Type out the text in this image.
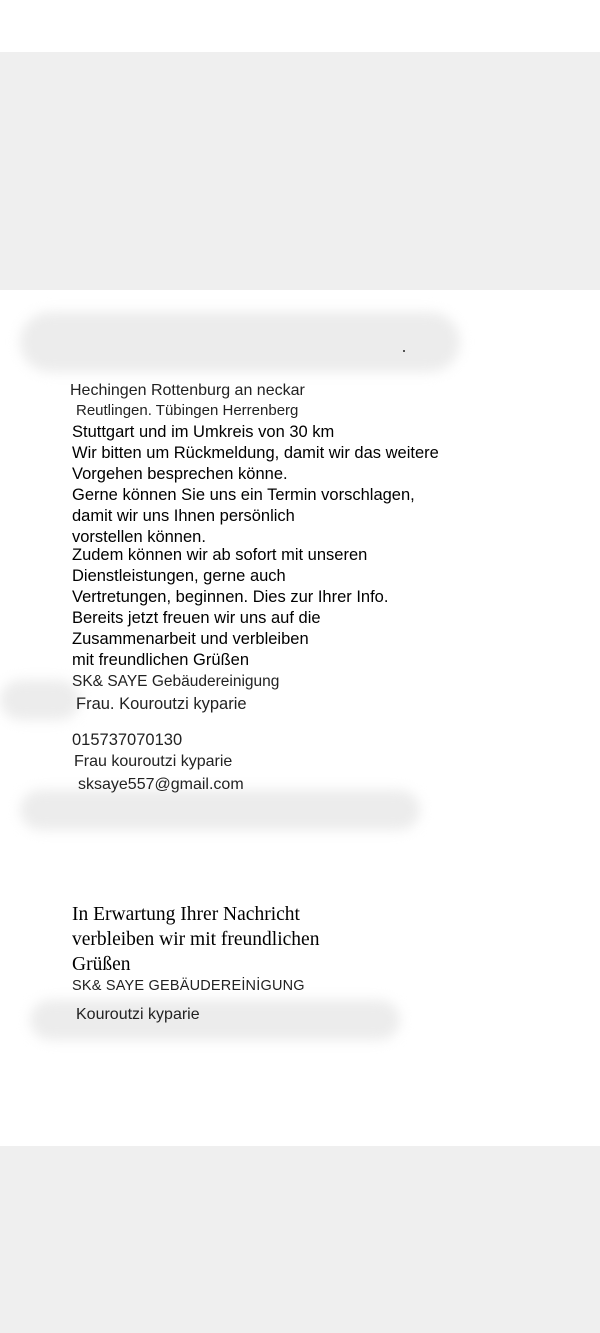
Hechingen Rottenburg an neckar
Reutlingen. Tübingen Herrenberg
Stuttgart und im Umkreis von 30 km
Wir bitten um Rückmeldung, damit wir das weitere
Vorgehen besprechen könne.
Gerne können Sie uns ein Termin vorschlagen,
damit wir uns Ihnen persönlich
vorstellen können.
Zudem können wir ab sofort mit unseren
Dienstleistungen, gerne auch
Vertretungen, beginnen. Dies zur Ihrer Info.
Bereits jetzt freuen wir uns auf die
Zusammenarbeit und verbleiben
mit freundlichen Grüßen
SK& SAYE Gebäudereinigung
Frau. Kouroutzi kyparie
015737070130
Frau kouroutzi kyparie
sksaye557@gmail.com
In Erwartung Ihrer Nachricht
verbleiben wir mit freundlichen
Grüßen
SK& SAYE GEBÄUDEREİNİGUNG
Kouroutzi kyparie
